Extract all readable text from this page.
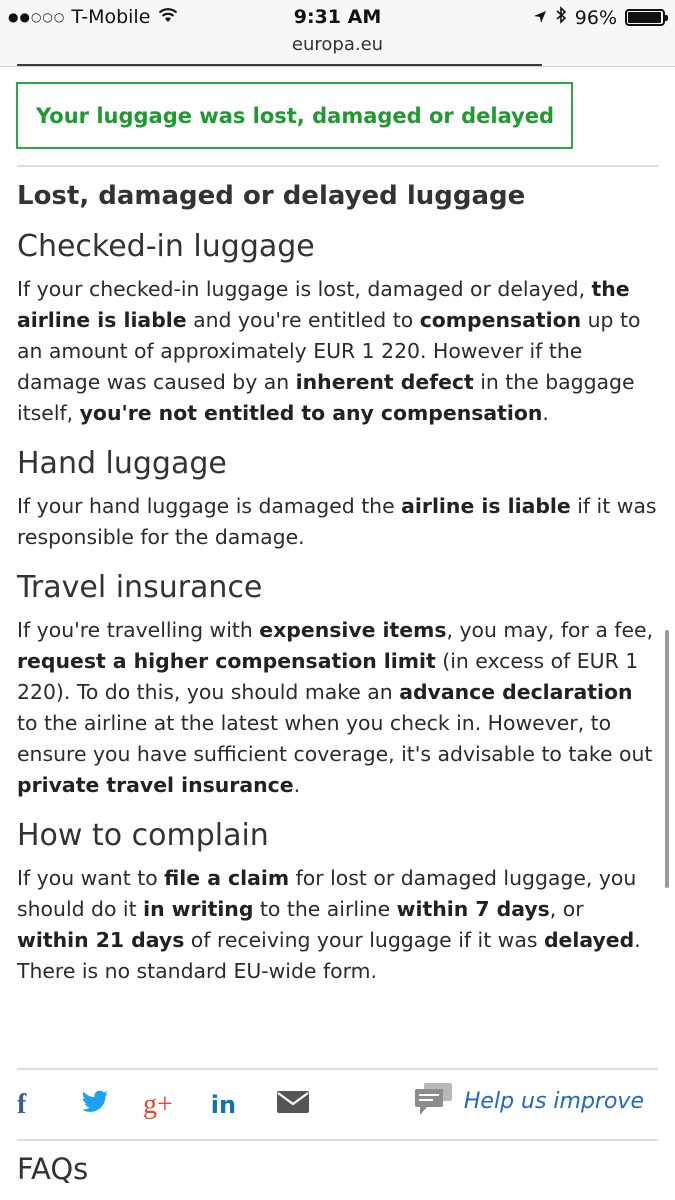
●●○○○ T-Mobile	9:31 AM
europa.eu
96%
Your luggage was lost, damaged or delayed
Lost, damaged or delayed luggage
Checked-in luggage

If your checked-in luggage is lost, damaged or delayed, the airline is liable and you're entitled to compensation up to an amount of approximately EUR 1 220. However if the damage was caused by an inherent defect in the baggage itself, you're not entitled to any compensation.

Hand luggage

If your hand luggage is damaged the airline is liable if it was responsible for the damage.

Travel insurance

If you're travelling with expensive items, you may, for a fee, request a higher compensation limit (in excess of EUR 1 220). To do this, you should make an advance declaration to the airline at the latest when you check in. However, to ensure you have sufficient coverage, it's advisable to take out private travel insurance.

How to complain

If you want to file a claim for lost or damaged luggage, you should do it in writing to the airline within 7 days, or within 21 days of receiving your luggage if it was delayed. There is no standard EU-wide form.

f	g+ in	Help us improve
FAQs
